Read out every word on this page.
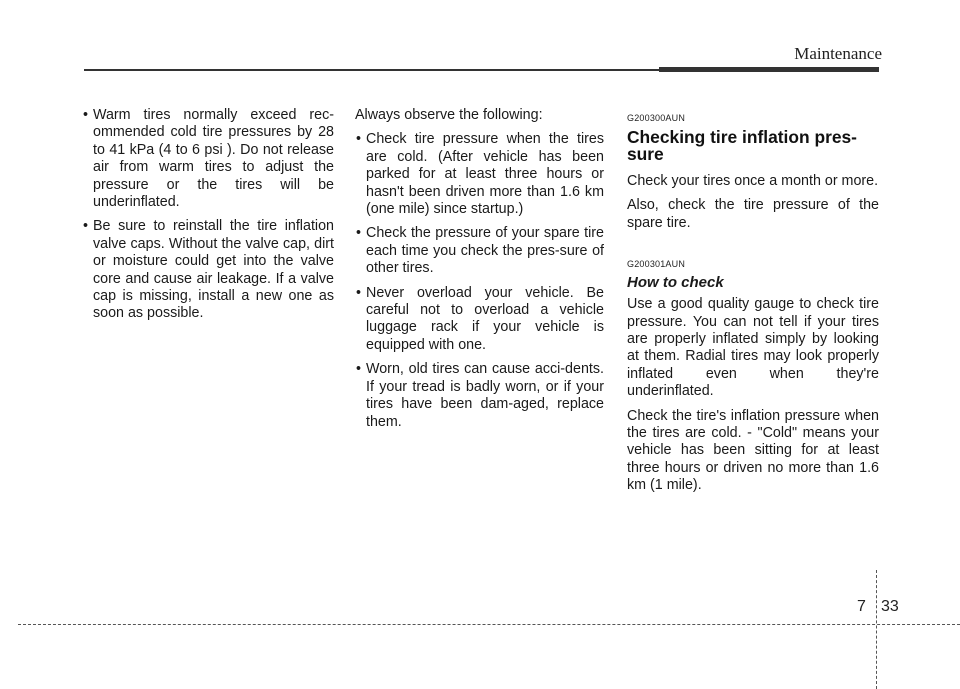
Maintenance
• Warm tires normally exceed rec-ommended cold tire pressures by 28 to 41 kPa (4 to 6 psi ). Do not release air from warm tires to adjust the pressure or the tires will be underinflated.
• Be sure to reinstall the tire inflation valve caps. Without the valve cap, dirt or moisture could get into the valve core and cause air leakage. If a valve cap is missing, install a new one as soon as possible.

Always observe the following:

• Check tire pressure when the tires are cold. (After vehicle has been parked for at least three hours or hasn't been driven more than 1.6 km (one mile) since startup.)
• Check the pressure of your spare tire each time you check the pres-sure of other tires.
• Never overload your vehicle. Be careful not to overload a vehicle luggage rack if your vehicle is equipped with one.
• Worn, old tires can cause acci-dents. If your tread is badly worn, or if your tires have been dam-aged, replace them.
G200300AUN
Checking tire inflation pres-sure

Check your tires once a month or more.

Also, check the tire pressure of the spare tire.

G200301AUN
How to check

Use a good quality gauge to check tire pressure. You can not tell if your tires are properly inflated simply by looking at them. Radial tires may look properly inflated even when they're underinflated.

Check the tire's inflation pressure when the tires are cold. - "Cold" means your vehicle has been sitting for at least three hours or driven no more than 1.6 km (1 mile).

7 33
